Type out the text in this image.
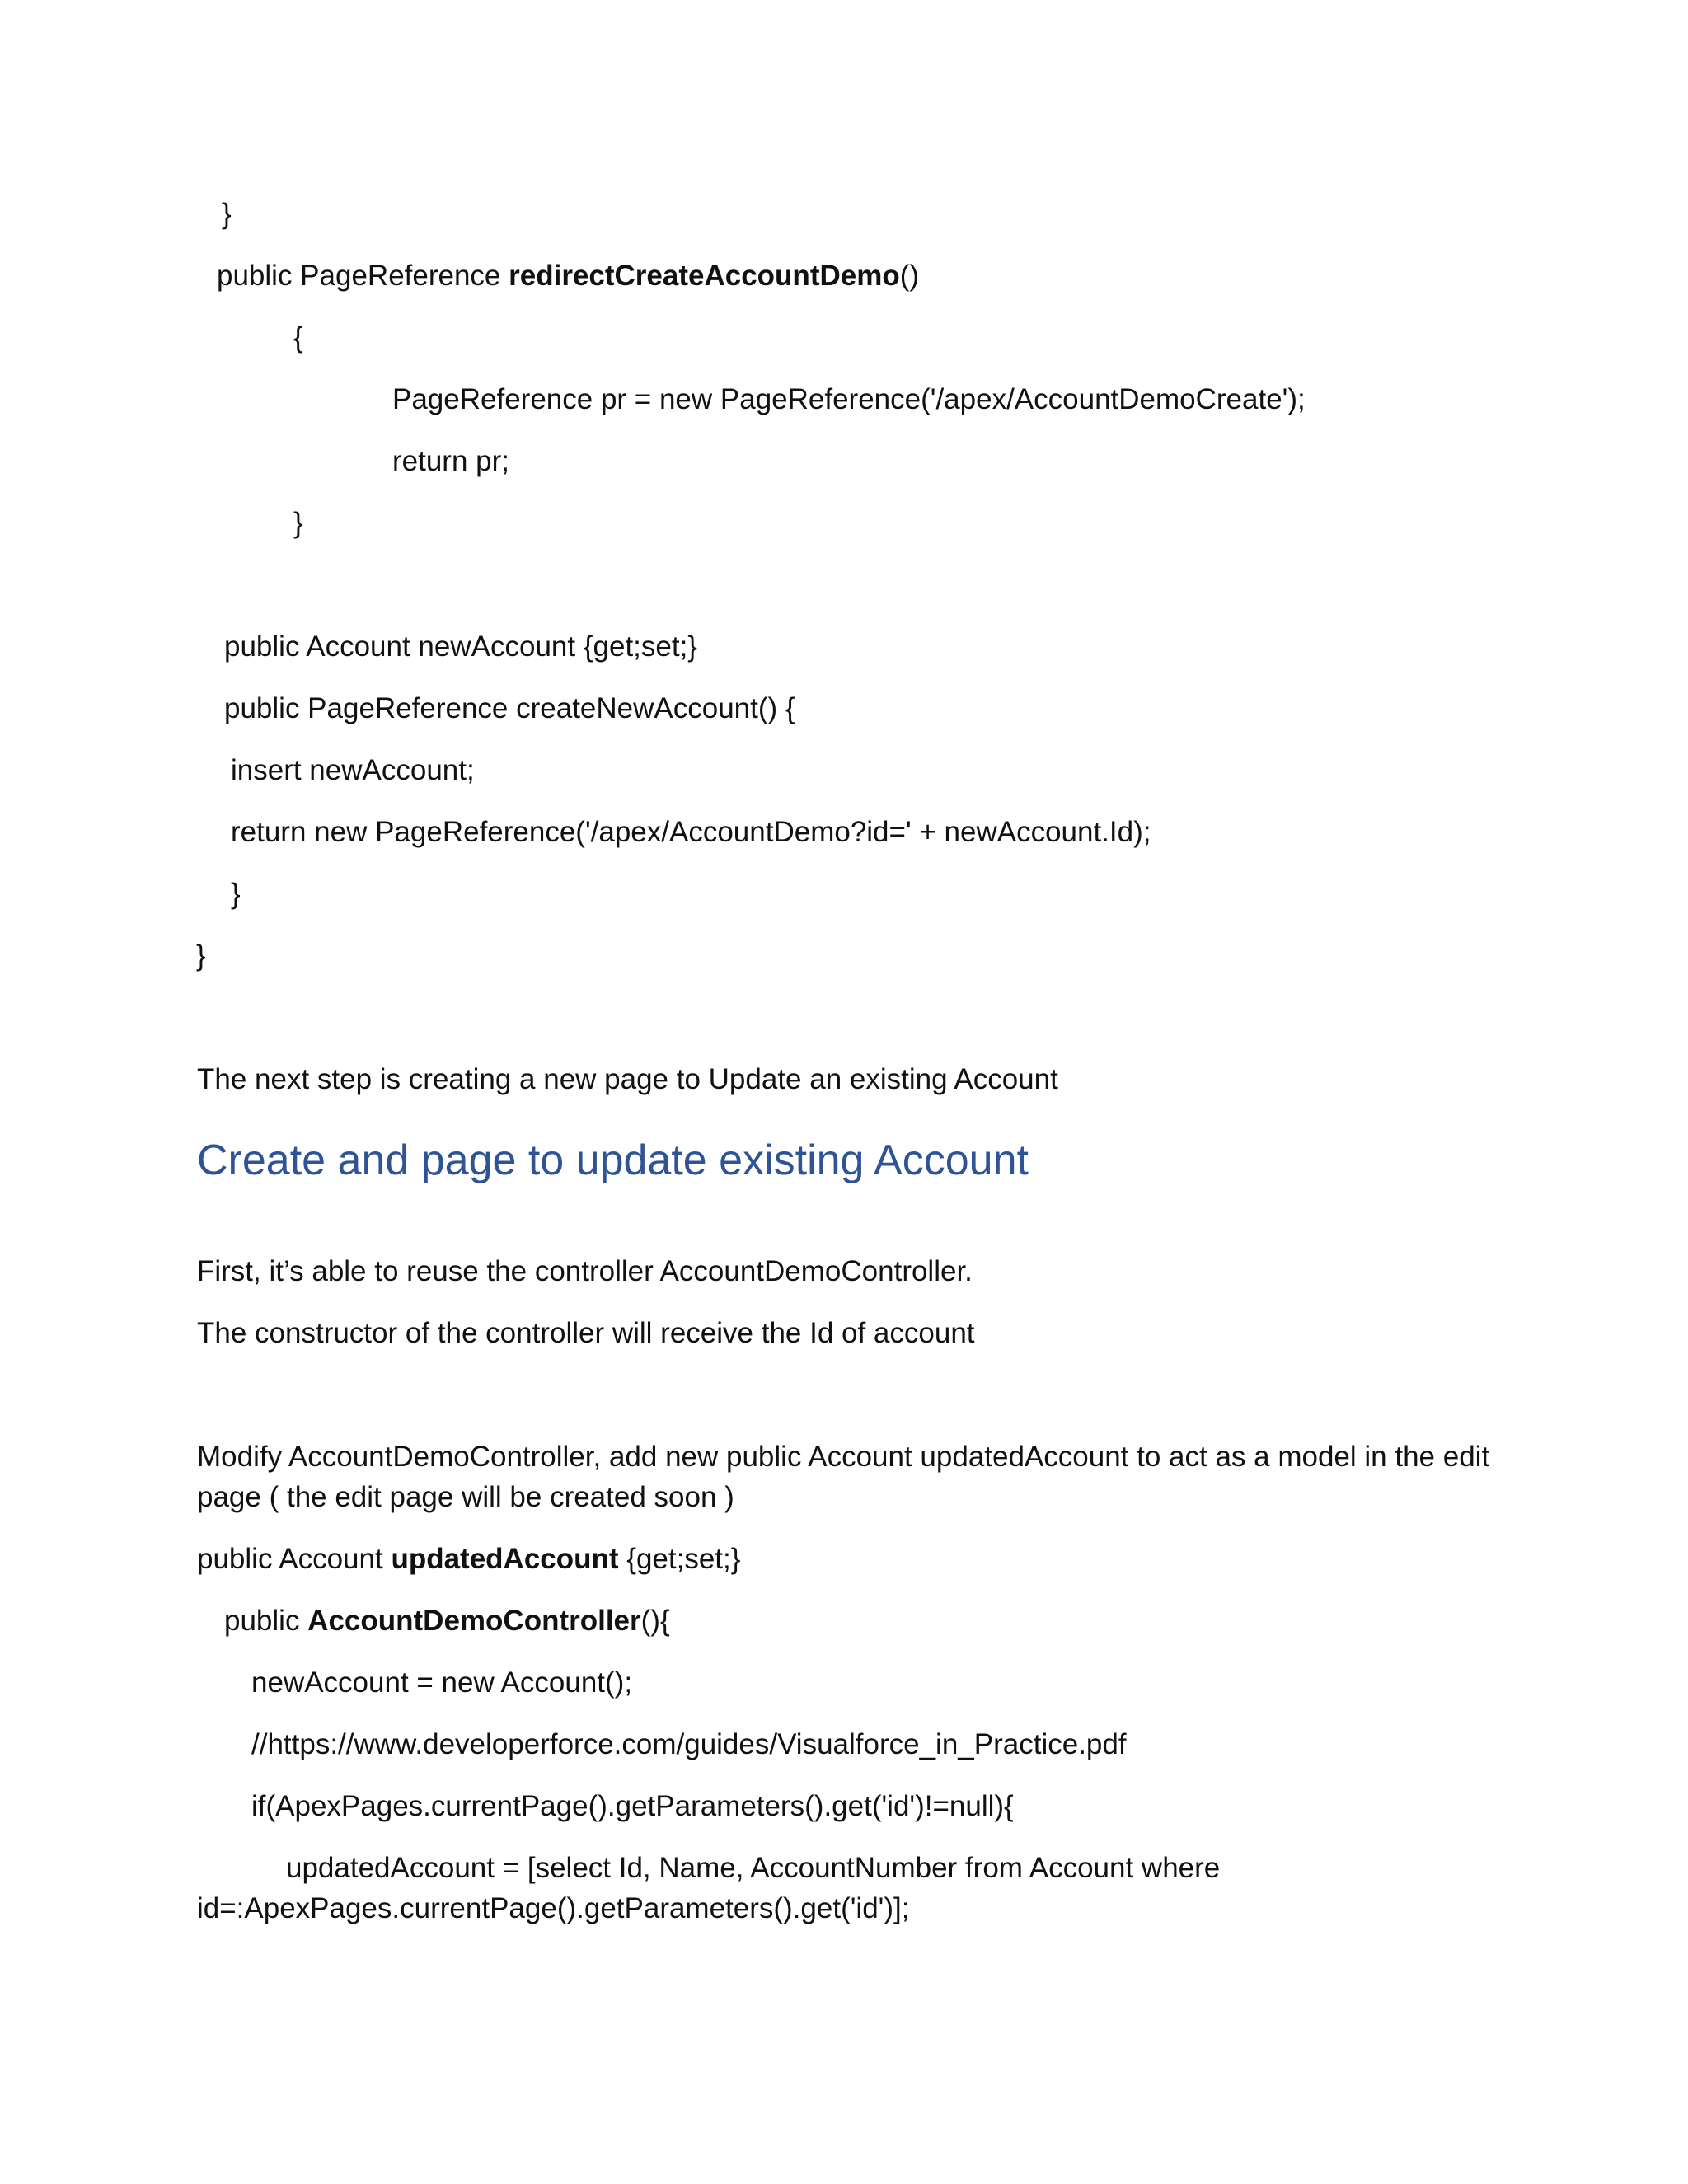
}

public PageReference redirectCreateAccountDemo()

{

PageReference pr = new PageReference('/apex/AccountDemoCreate');

return pr;

}

public Account newAccount {get;set;}

public PageReference createNewAccount() {

insert newAccount;

return new PageReference('/apex/AccountDemo?id=' + newAccount.Id);

}

}

The next step is creating a new page to Update an existing Account

Create and page to update existing Account

First, it’s able to reuse the controller AccountDemoController.

The constructor of the controller will receive the Id of account

Modify AccountDemoController, add new public Account updatedAccount to act as a model in the edit

page ( the edit page will be created soon )

public Account updatedAccount {get;set;}

public AccountDemoController(){

newAccount = new Account();

//https://www.developerforce.com/guides/Visualforce_in_Practice.pdf

if(ApexPages.currentPage().getParameters().get('id')!=null){

updatedAccount = [select Id, Name, AccountNumber from Account where

id=:ApexPages.currentPage().getParameters().get('id')];
